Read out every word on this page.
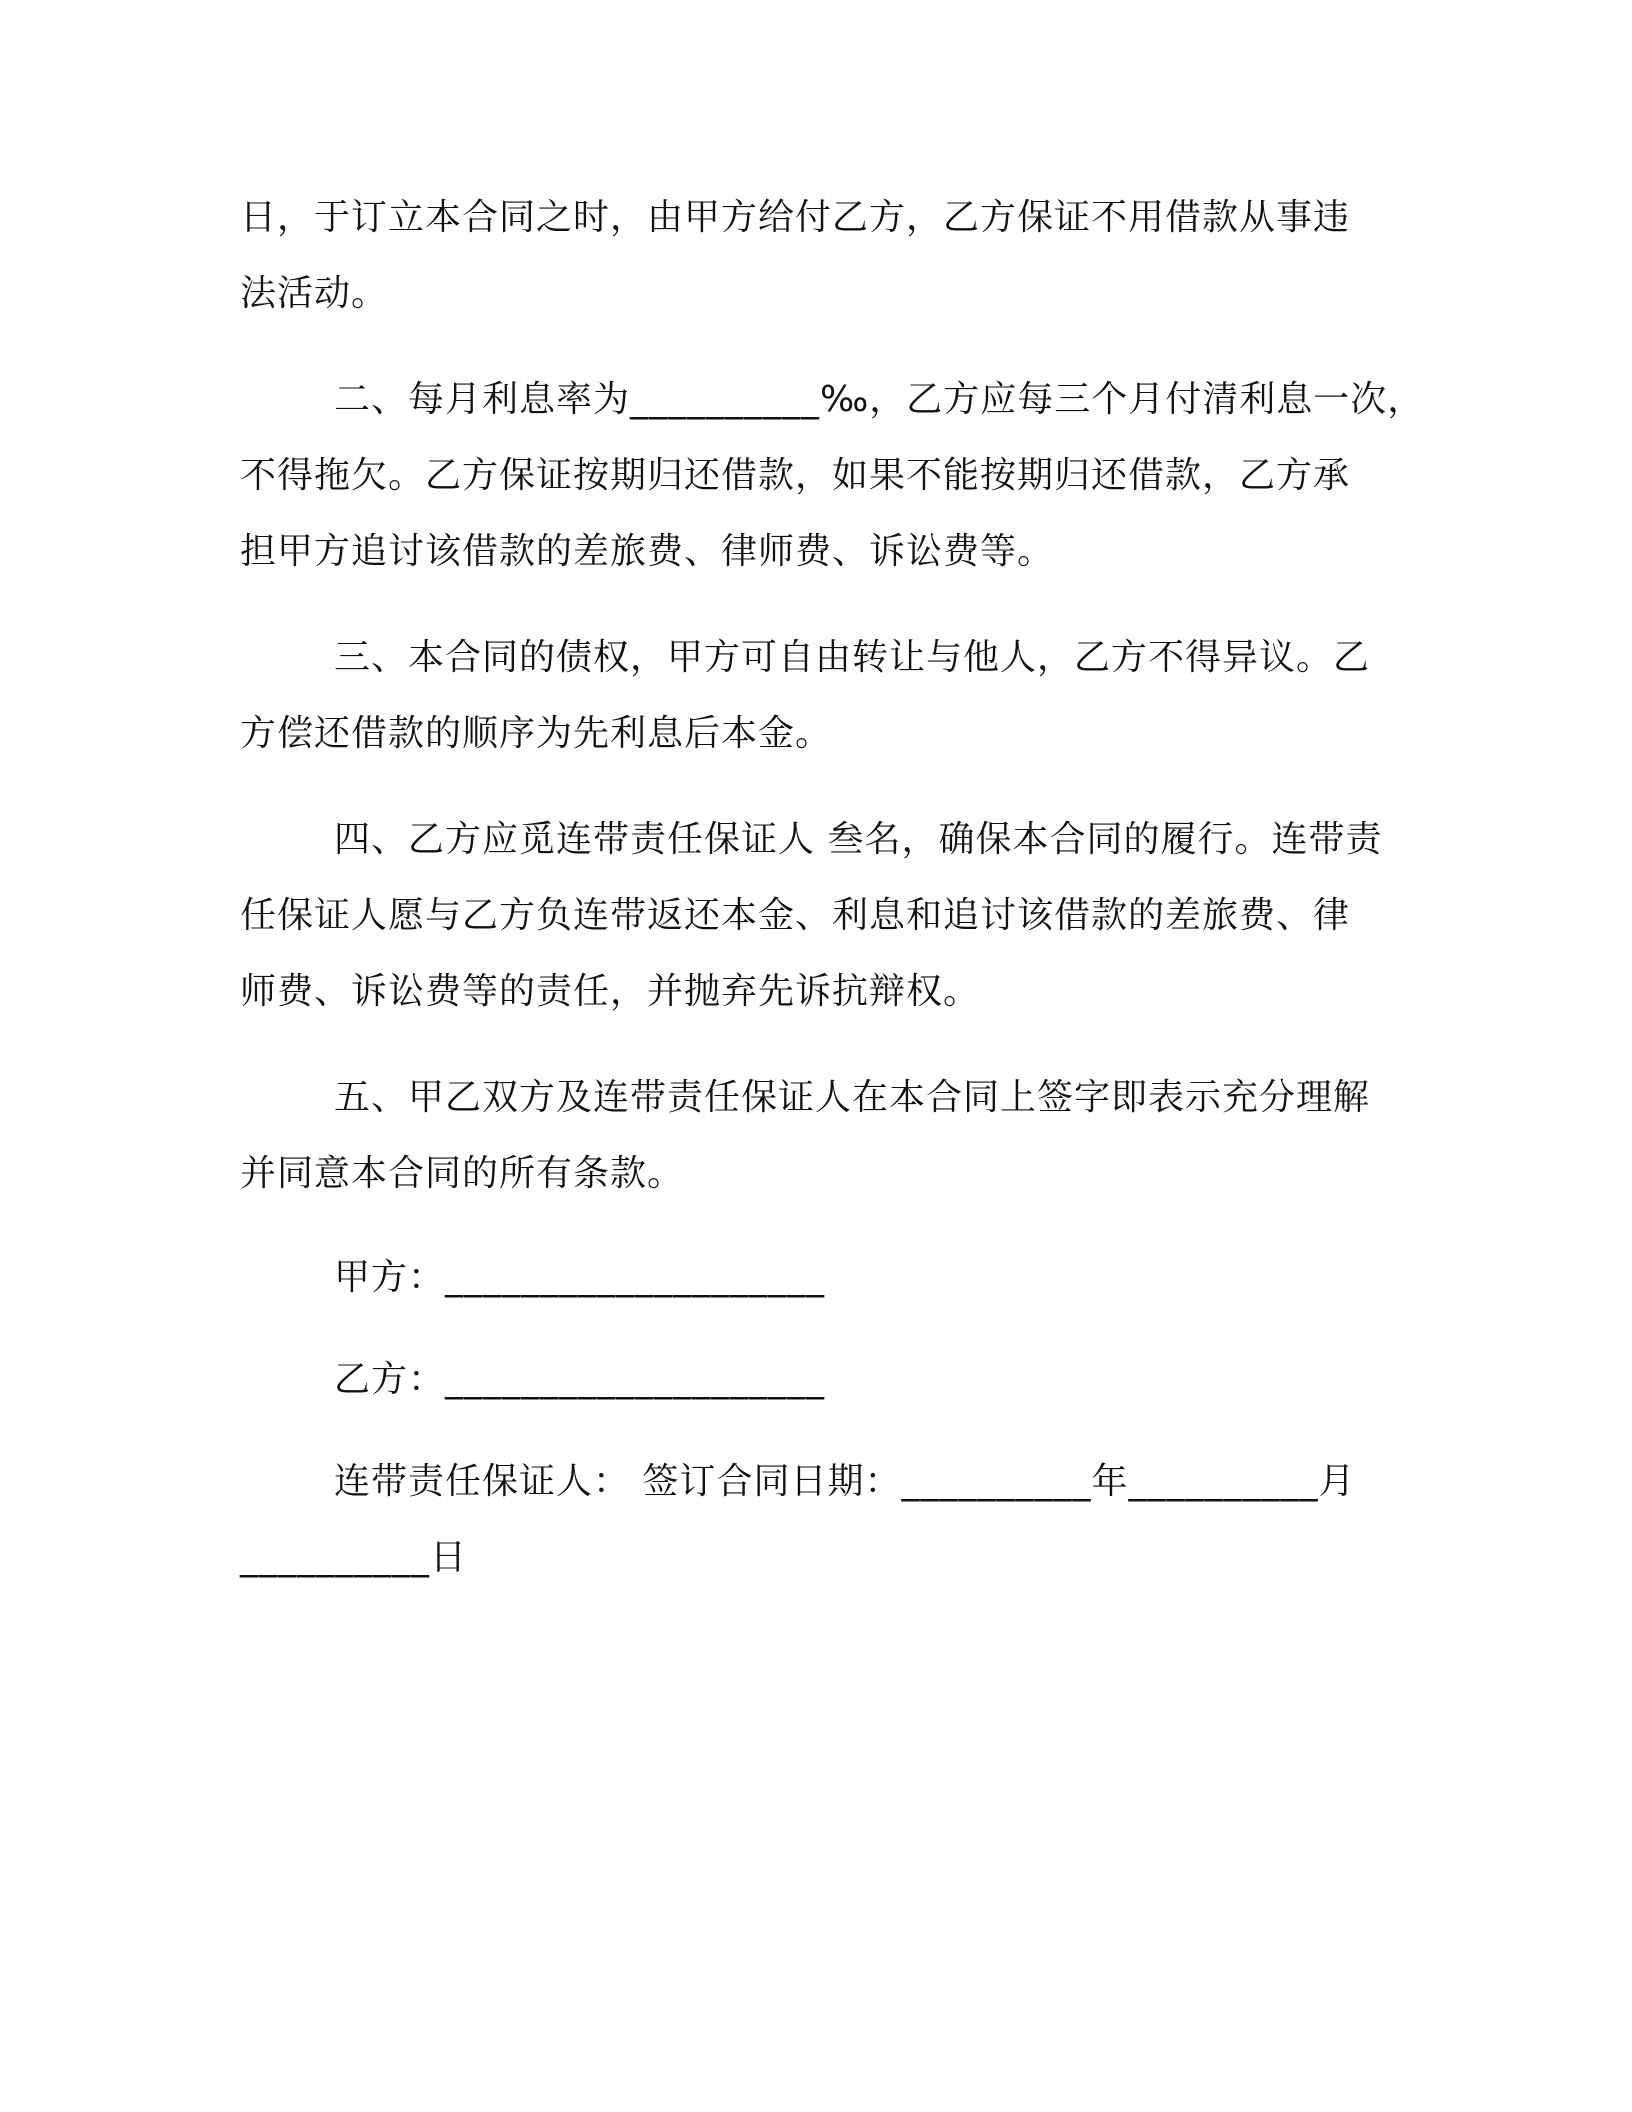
日，于订立本合同之时，由甲方给付乙方，乙方保证不用借款从事违
法活动。
二、每月利息率为__________‰，乙方应每三个月付清利息一次，
不得拖欠。乙方保证按期归还借款，如果不能按期归还借款，乙方承
担甲方追讨该借款的差旅费、律师费、诉讼费等。
三、本合同的债权，甲方可自由转让与他人，乙方不得异议。乙
方偿还借款的顺序为先利息后本金。
四、乙方应觅连带责任保证人 叁名，确保本合同的履行。连带责
任保证人愿与乙方负连带返还本金、利息和追讨该借款的差旅费、律
师费、诉讼费等的责任，并抛弃先诉抗辩权。
五、甲乙双方及连带责任保证人在本合同上签字即表示充分理解
并同意本合同的所有条款。
甲方：____________________
乙方：____________________
连带责任保证人： 签订合同日期：__________年__________月
__________日
